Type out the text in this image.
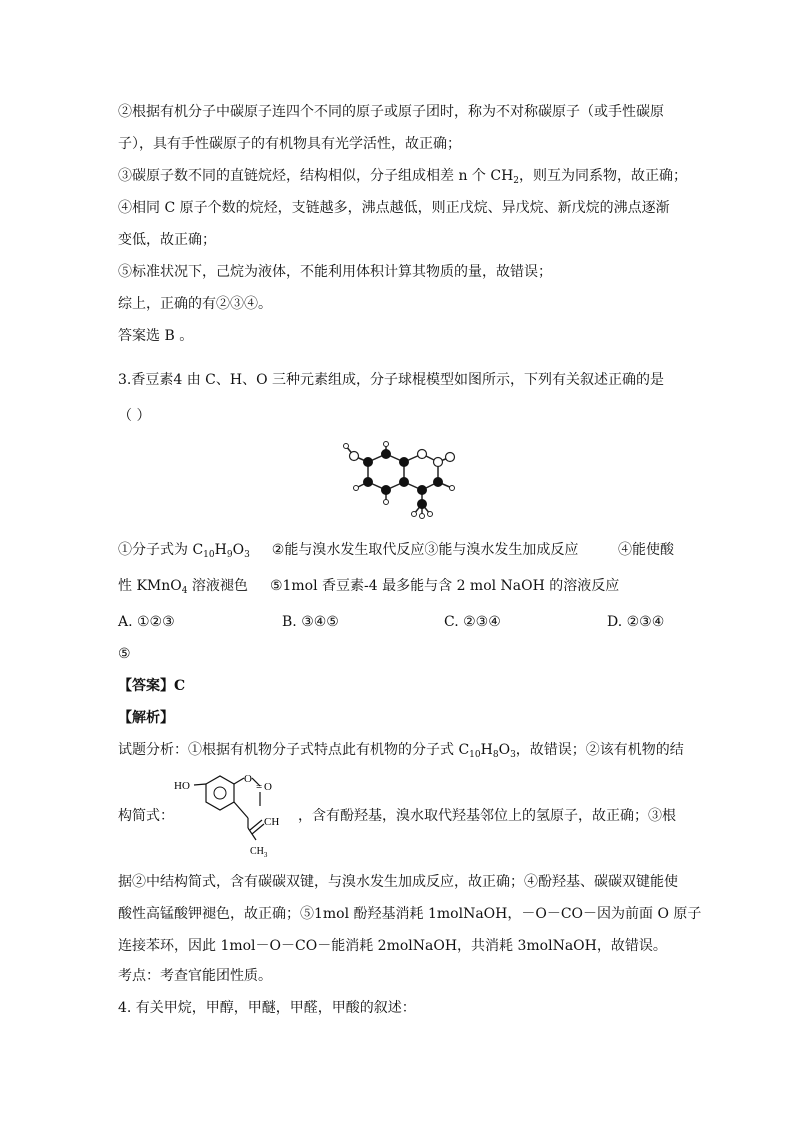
②根据有机分子中碳原子连四个不同的原子或原子团时，称为不对称碳原子（或手性碳原
子），具有手性碳原子的有机物具有光学活性，故正确；
③碳原子数不同的直链烷烃，结构相似，分子组成相差 n 个 $CH_2$，则互为同系物，故正确；
④相同 C 原子个数的烷烃，支链越多，沸点越低，则正戊烷、异戊烷、新戊烷的沸点逐渐
变低，故正确；
⑤标准状况下，己烷为液体，不能利用体积计算其物质的量，故错误；
综上，正确的有②③④。
答案选 B 。
3.香豆素4 由 C、H、O 三种元素组成，分子球棍模型如图所示，下列有关叙述正确的是
（ ）
①分子式为 $C_{10}H_9O_3$ ②能与溴水发生取代反应③能与溴水发生加成反应	④能使酸
性 KMnO$_4$ 溶液褪色 ⑤1mol 香豆素-4 最多能与含 2 mol NaOH 的溶液反应
A. ①②③	B. ③④⑤	C. ②③④	D. ②③④
⑤
【答案】C
【解析】
试题分析：①根据有机物分子式特点此有机物的分子式 $C_{10}H_8O_3$，故错误；②该有机物的结
HO
O
O
CH
$CH_3$
=
构简式：	，含有酚羟基，溴水取代羟基邻位上的氢原子，故正确；③根
据②中结构简式，含有碳碳双键，与溴水发生加成反应，故正确；④酚羟基、碳碳双键能使
酸性高锰酸钾褪色，故正确；⑤1mol 酚羟基消耗 1molNaOH，－O－CO－因为前面 O 原子
连接苯环，因此 1mol－O－CO－能消耗 2molNaOH，共消耗 3molNaOH，故错误。
考点：考查官能团性质。
4. 有关甲烷，甲醇，甲醚，甲醛，甲酸的叙述：
